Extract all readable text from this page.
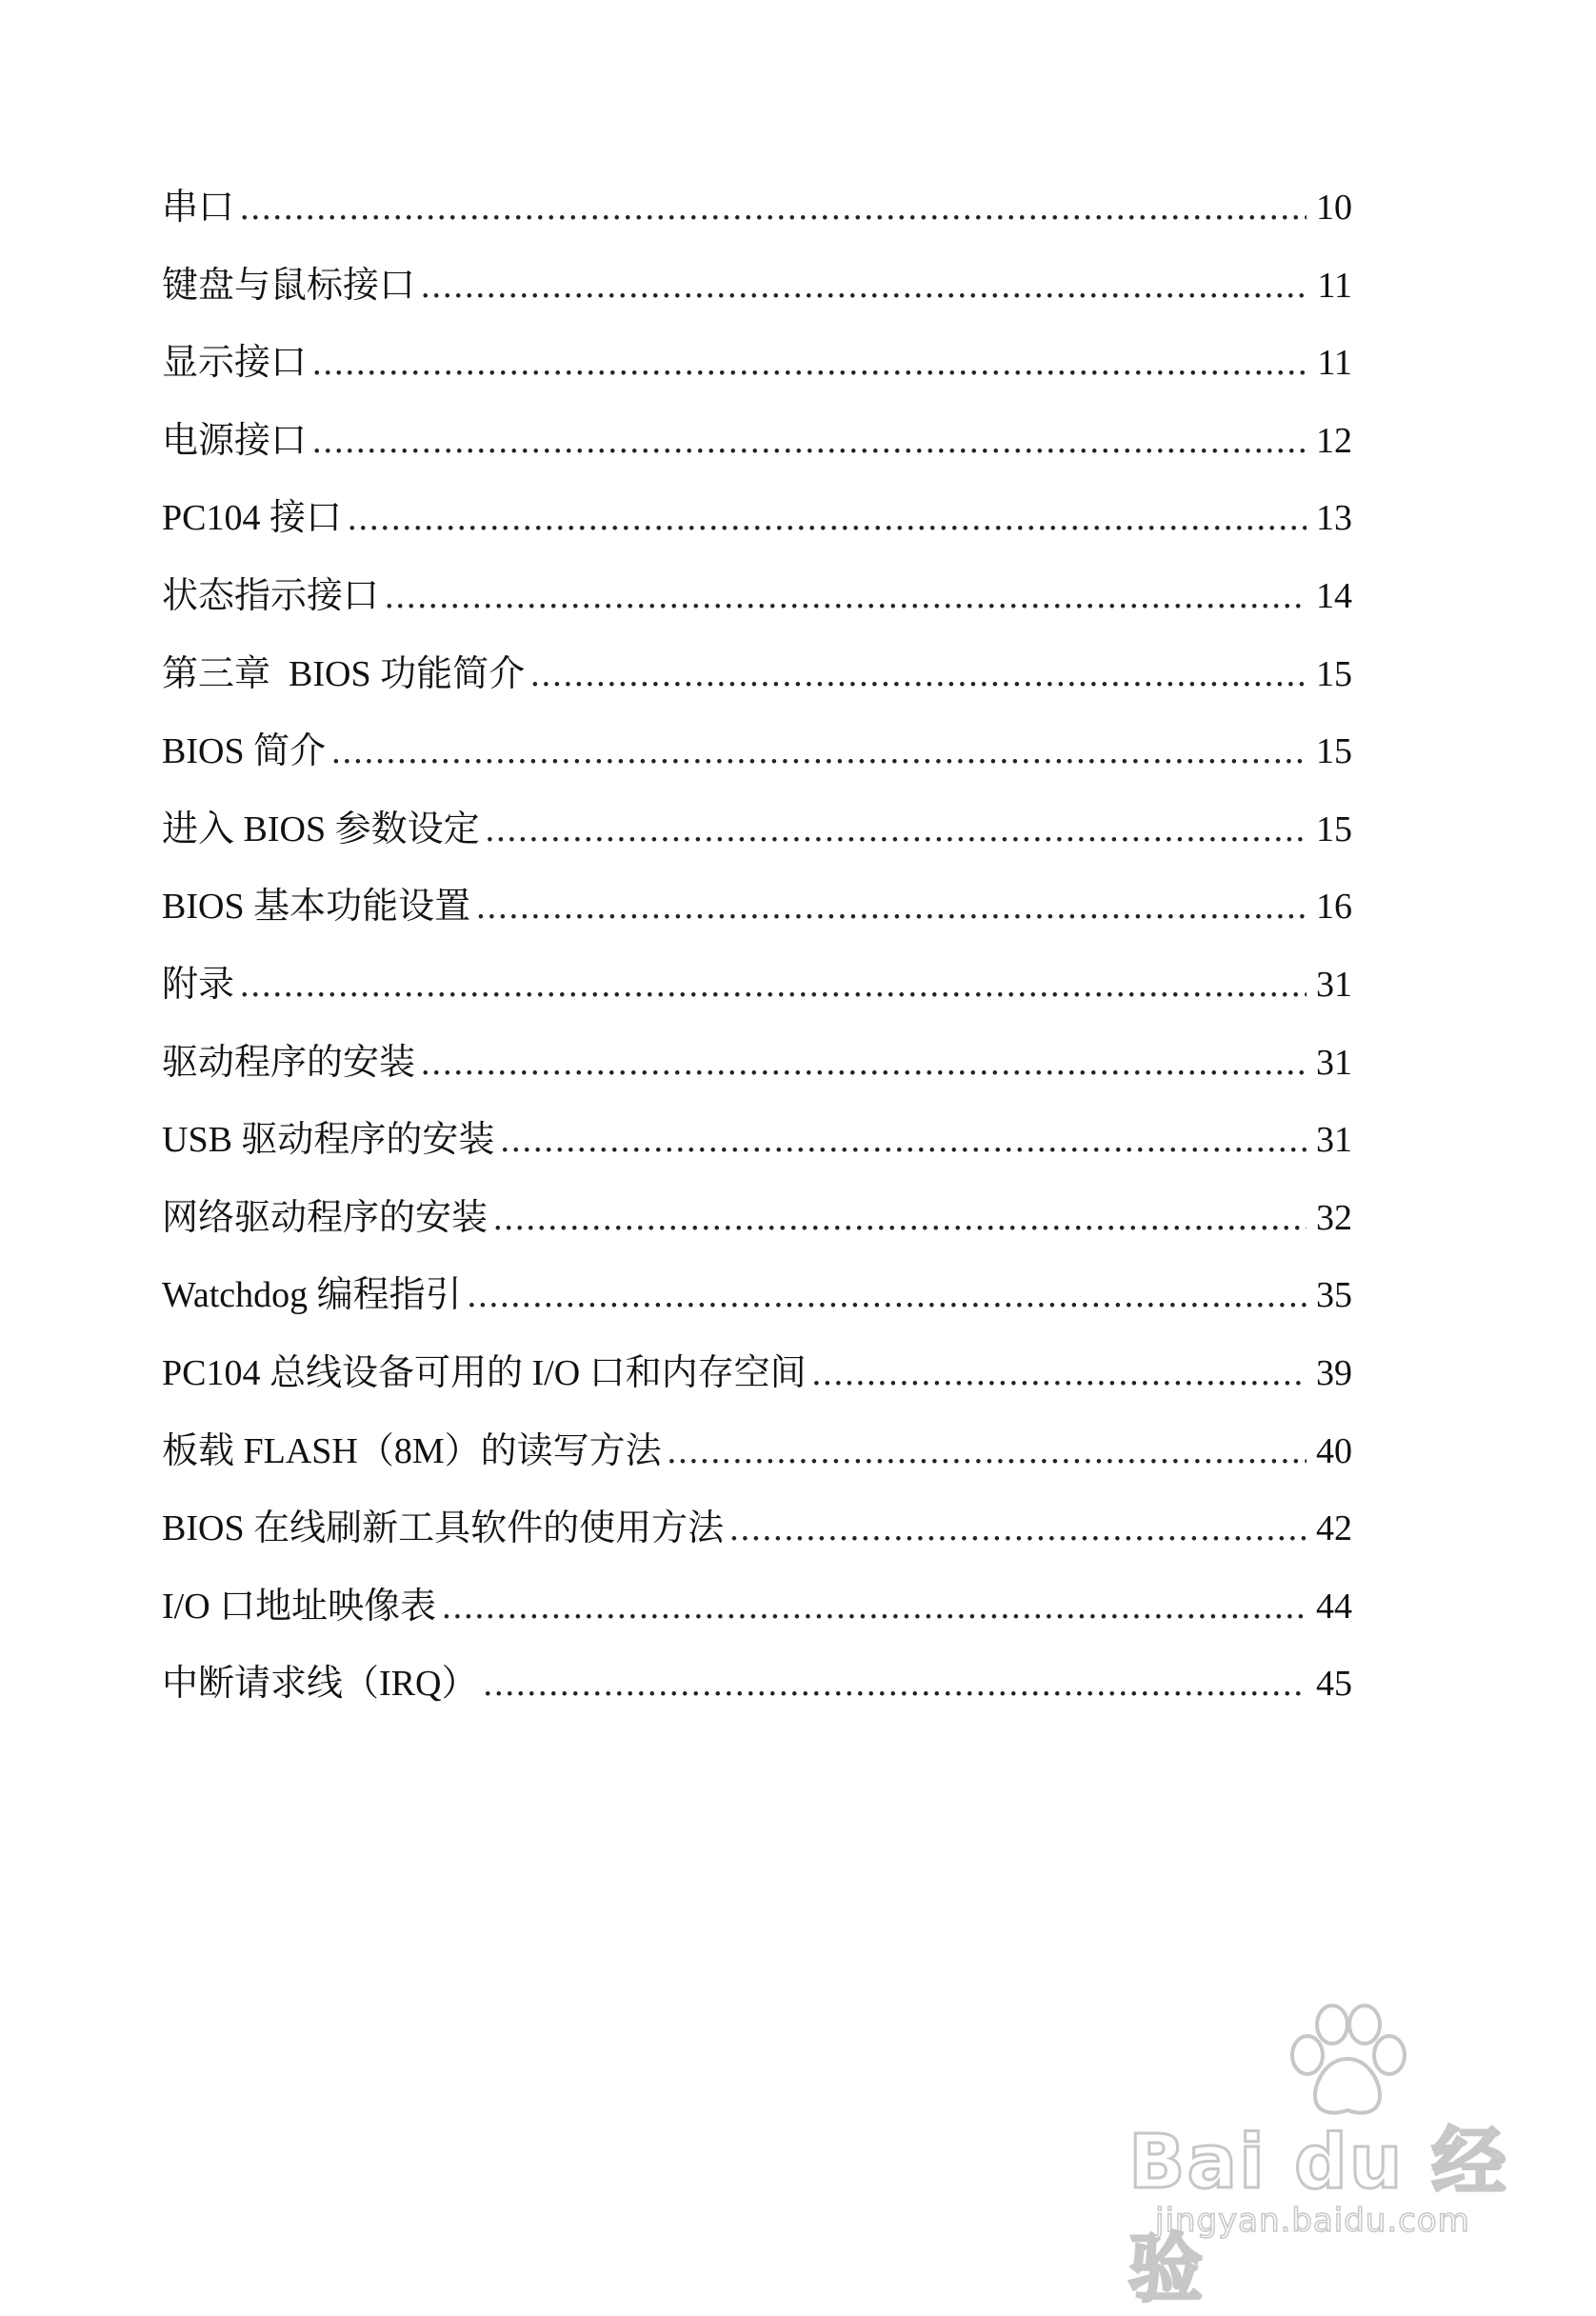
串口 .....	10
键盘与鼠标接口 .....	11
显示接口 .....	11
电源接口 .....	12
PC104 接口 .....	13
状态指示接口 .....	14
第三章  BIOS 功能简介 .....	15
BIOS 简介 .....	15
进入 BIOS 参数设定 .....	15
BIOS 基本功能设置 .....	16
附录 .....	31
驱动程序的安装 .....	31
USB 驱动程序的安装 .....	31
网络驱动程序的安装 .....	32
Watchdog 编程指引 .....	35
PC104 总线设备可用的 I/O 口和内存空间 .....	39
板载 FLASH（8M）的读写方法 .....	40
BIOS 在线刷新工具软件的使用方法 .....	42
I/O 口地址映像表 .....	44
中断请求线（IRQ） .....	45
Bai du 经验
jingyan.baidu.com
